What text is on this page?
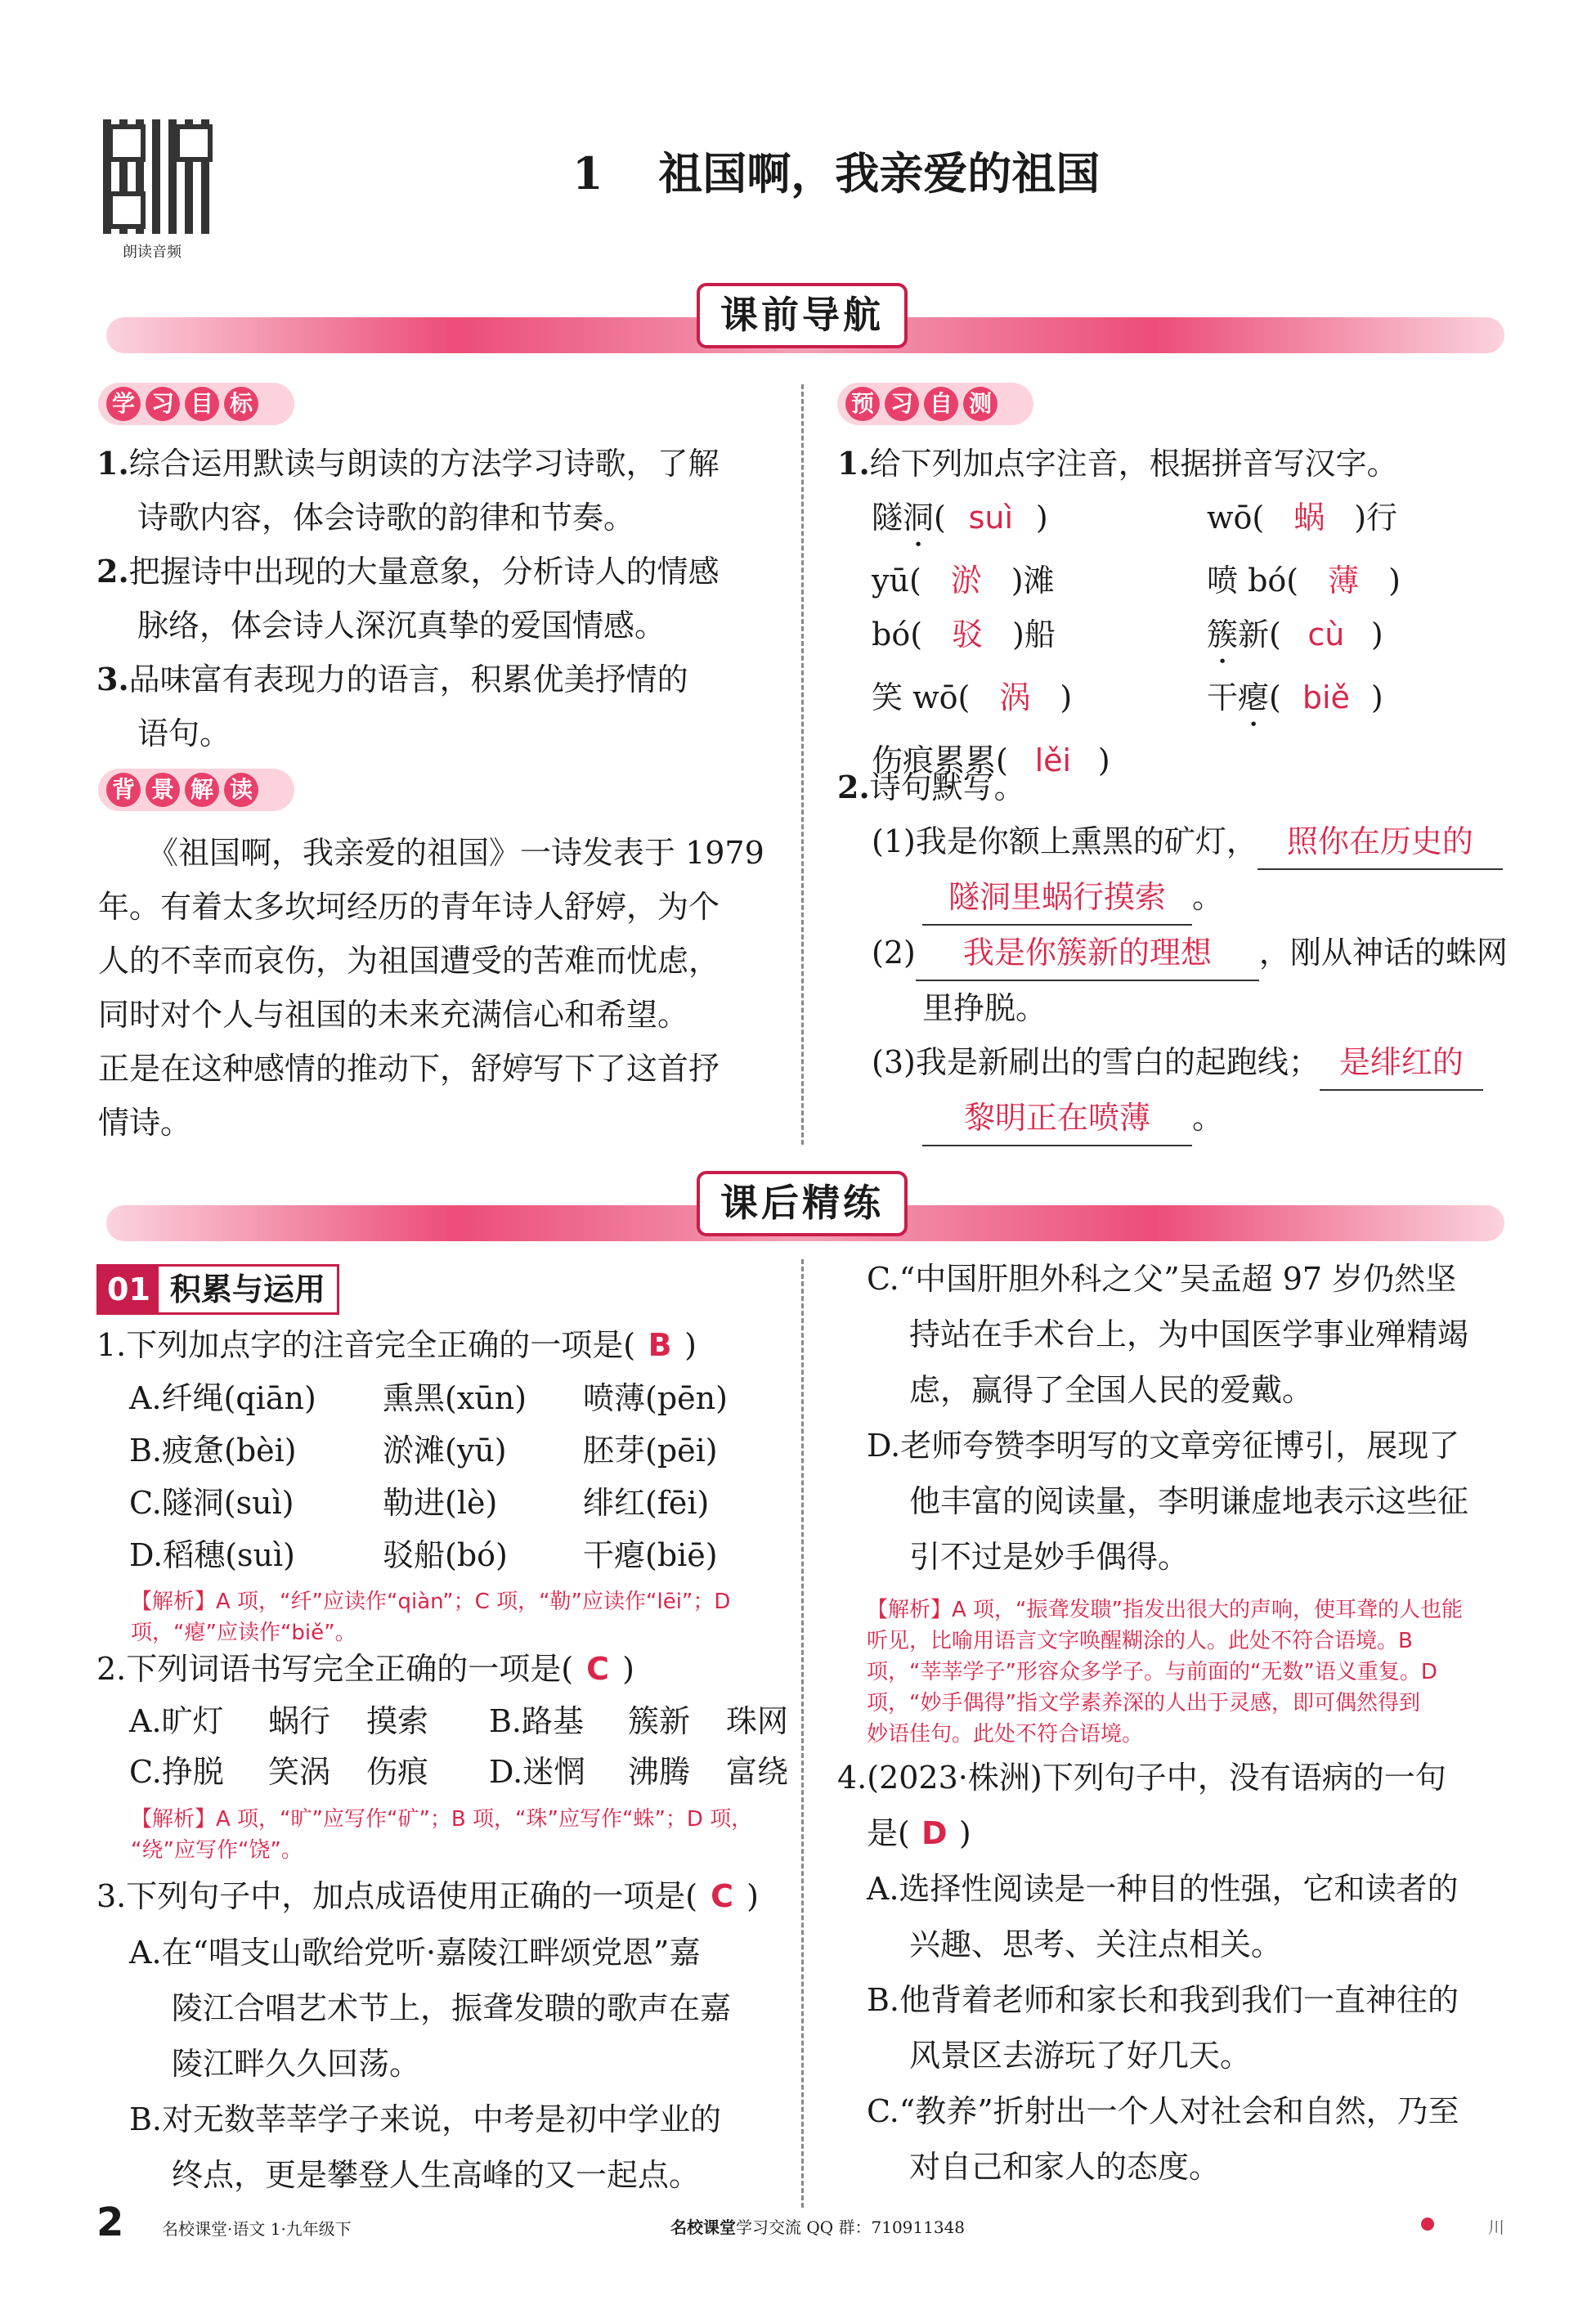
朗读音频
1 祖国啊，我亲爱的祖国
课前导航
学 习 目 标
1.综合运用默读与朗读的方法学习诗歌，了解
诗歌内容，体会诗歌的韵律和节奏。
2.把握诗中出现的大量意象，分析诗人的情感
脉络，体会诗人深沉真挚的爱国情感。
3.品味富有表现力的语言，积累优美抒情的
语句。
背 景 解 读
《祖国啊，我亲爱的祖国》一诗发表于 1979
年。有着太多坎坷经历的青年诗人舒婷，为个
人的不幸而哀伤，为祖国遭受的苦难而忧虑，
同时对个人与祖国的未来充满信心和希望。
正是在这种感情的推动下，舒婷写下了这首抒
情诗。
预 习 自 测
1.给下列加点字注音，根据拼音写汉字。
隧洞( suì )	wō( 蜗 )行
yū( 淤 )滩	喷 bó( 薄 )
bó( 驳 )船	簇新( cù )
笑 wō( 涡 )	干瘪( biě )
伤痕累累( lěi )
2.诗句默写。
(1)我是你额上熏黑的矿灯， 照你在历史的
隧洞里蜗行摸索 。
(2) 我是你簇新的理想 ，刚从神话的蛛网
里挣脱。
(3)我是新刷出的雪白的起跑线； 是绯红的
黎明正在喷薄 。
课后精练
01 积累与运用
1.下列加点字的注音完全正确的一项是( B )
A.纤绳(qiān)	熏黑(xūn)	喷薄(pēn)
B.疲惫(bèi)	淤滩(yū)	胚芽(pēi)
C.隧洞(suì)	勒进(lè)	绯红(fēi)
D.稻穗(suì)	驳船(bó)	干瘪(biē)
【解析】A 项，“纤”应读作“qiàn”；C 项，“勒”应读作“lēi”；D
项，“瘪”应读作“biě”。
2.下列词语书写完全正确的一项是( C )
A.旷灯	蜗行	摸索	B.路基	簇新	珠网
C.挣脱	笑涡	伤痕	D.迷惘	沸腾	富绕
【解析】A 项，“旷”应写作“矿”；B 项，“珠”应写作“蛛”；D 项，
“绕”应写作“饶”。
3.下列句子中，加点成语使用正确的一项是( C )
A.在“唱支山歌给党听·嘉陵江畔颂党恩”嘉
陵江合唱艺术节上，振聋发聩的歌声在嘉
陵江畔久久回荡。
B.对无数莘莘学子来说，中考是初中学业的
终点，更是攀登人生高峰的又一起点。
C.“中国肝胆外科之父”吴孟超 97 岁仍然坚
持站在手术台上，为中国医学事业殚精竭
虑，赢得了全国人民的爱戴。
D.老师夸赞李明写的文章旁征博引，展现了
他丰富的阅读量，李明谦虚地表示这些征
引不过是妙手偶得。
【解析】A 项，“振聋发聩”指发出很大的声响，使耳聋的人也能
听见，比喻用语言文字唤醒糊涂的人。此处不符合语境。B
项，“莘莘学子”形容众多学子。与前面的“无数”语义重复。D
项，“妙手偶得”指文学素养深的人出于灵感，即可偶然得到
妙语佳句。此处不符合语境。
4.(2023·株洲)下列句子中，没有语病的一句
是( D )
A.选择性阅读是一种目的性强，它和读者的
兴趣、思考、关注点相关。
B.他背着老师和家长和我到我们一直神往的
风景区去游玩了好几天。
C.“教养”折射出一个人对社会和自然，乃至
对自己和家人的态度。
2 名校课堂·语文 1·九年级下	名校课堂学习交流 QQ 群：710911348	川
